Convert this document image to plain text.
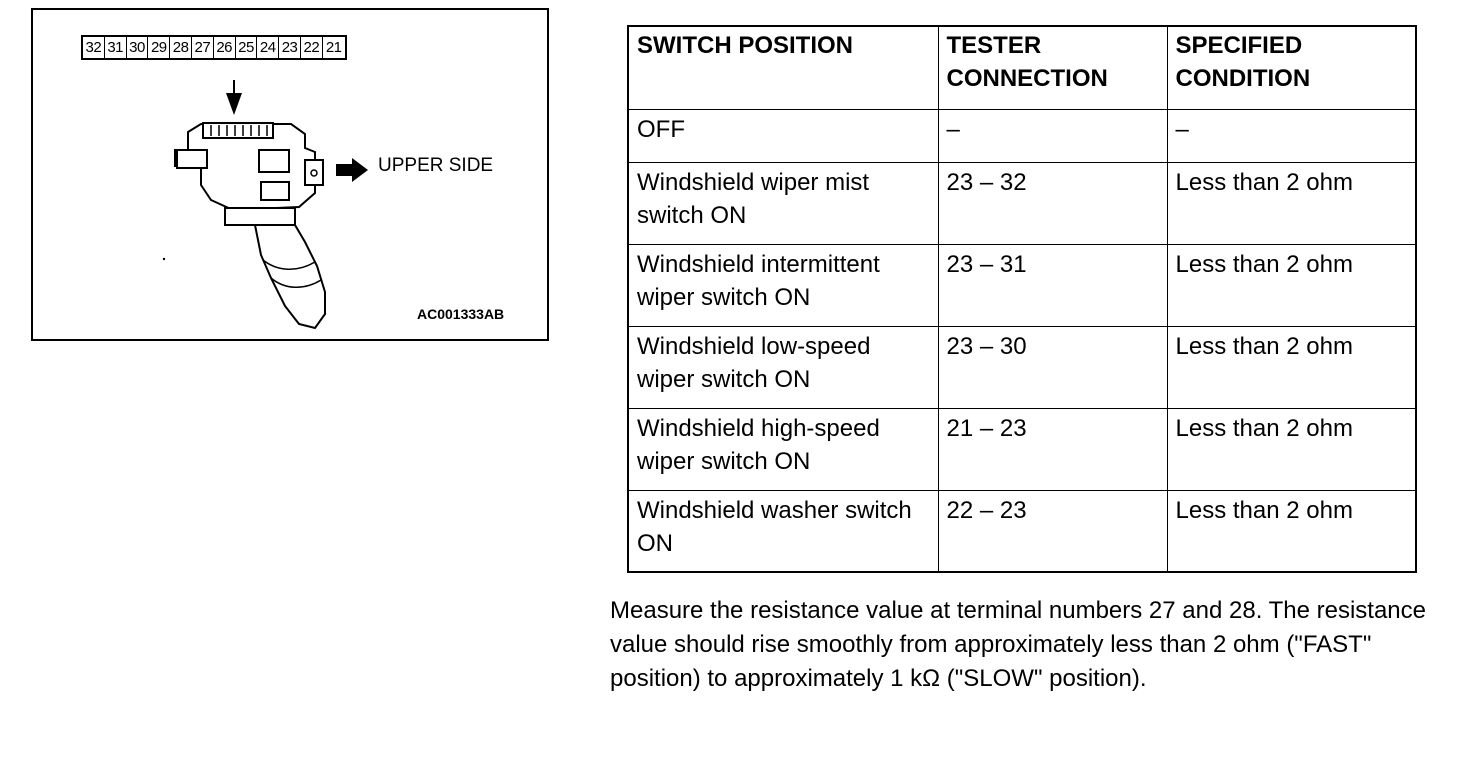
32 31 30 29 28 27 26 25 24 23 22 21
UPPER SIDE
AC001333AB
SWITCH POSITION	TESTER CONNECTION	SPECIFIED CONDITION
OFF	–	–
Windshield wiper mist switch ON	23 – 32	Less than 2 ohm
Windshield intermittent wiper switch ON	23 – 31	Less than 2 ohm
Windshield low-speed wiper switch ON	23 – 30	Less than 2 ohm
Windshield high-speed wiper switch ON	21 – 23	Less than 2 ohm
Windshield washer switch ON	22 – 23	Less than 2 ohm
Measure the resistance value at terminal numbers 27 and 28. The resistance value should rise smoothly from approximately less than 2 ohm ("FAST" position) to approximately 1 kΩ ("SLOW" position).
